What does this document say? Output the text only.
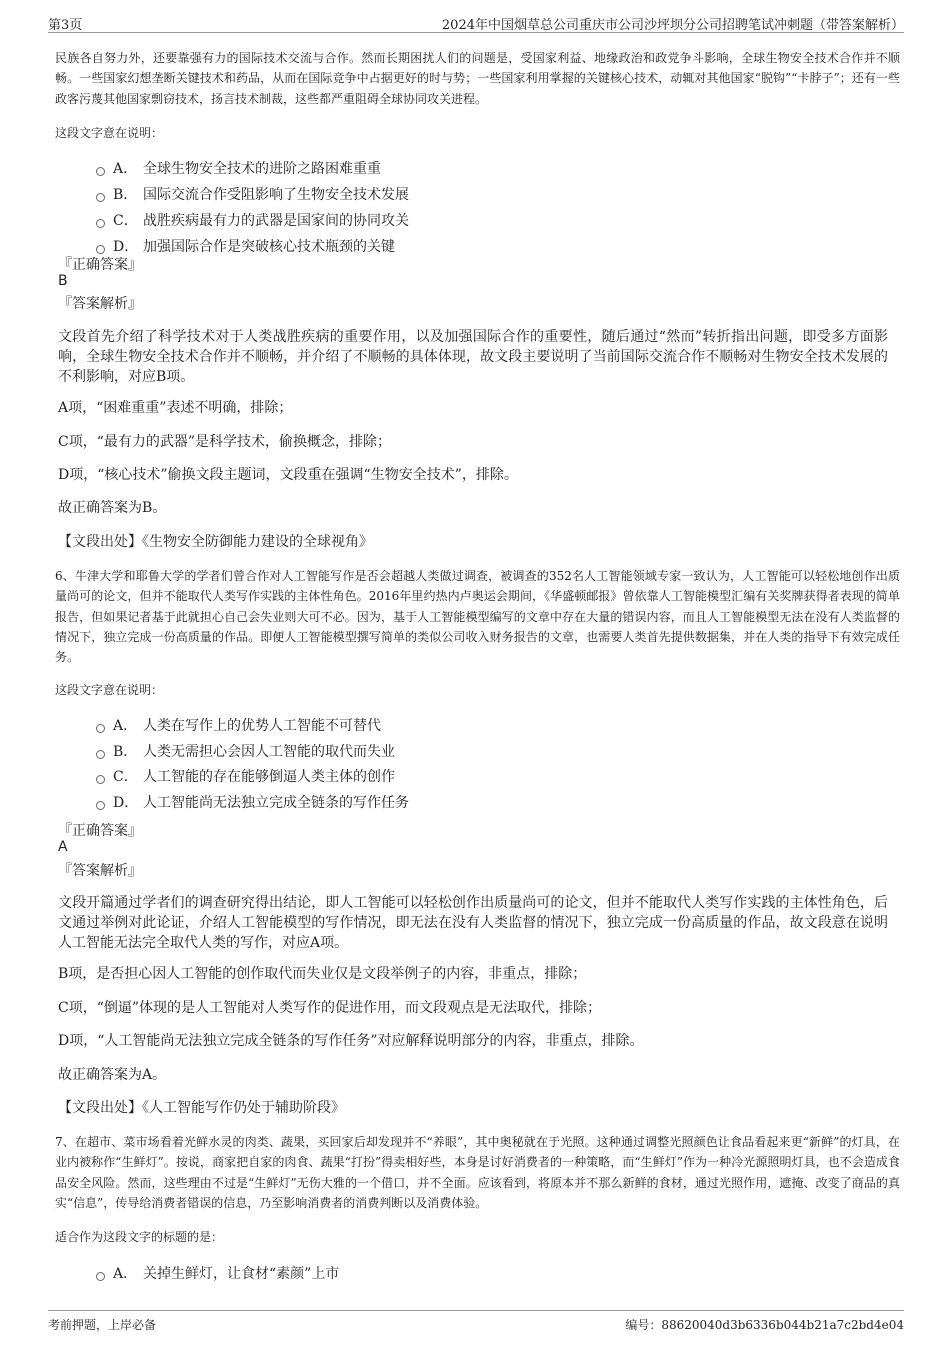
第3页	2024年中国烟草总公司重庆市公司沙坪坝分公司招聘笔试冲刺题（带答案解析）

民族各自努力外，还要靠强有力的国际技术交流与合作。然而长期困扰人们的问题是，受国家利益、地缘政治和政党争斗影响，全球生物安全技术合作并不顺畅。一些国家幻想垄断关键技术和药品，从而在国际竞争中占据更好的时与势；一些国家利用掌握的关键核心技术，动辄对其他国家“脱钩”“卡脖子”；还有一些政客污蔑其他国家剽窃技术，扬言技术制裁，这些都严重阻碍全球协同攻关进程。

这段文字意在说明：

A． 全球生物安全技术的进阶之路困难重重
B． 国际交流合作受阻影响了生物安全技术发展
C． 战胜疾病最有力的武器是国家间的协同攻关
D． 加强国际合作是突破核心技术瓶颈的关键

『正确答案』

B

『答案解析』

文段首先介绍了科学技术对于人类战胜疾病的重要作用，以及加强国际合作的重要性，随后通过“然而”转折指出问题，即受多方面影响，全球生物安全技术合作并不顺畅，并介绍了不顺畅的具体体现，故文段主要说明了当前国际交流合作不顺畅对生物安全技术发展的不利影响，对应B项。

A项，“困难重重”表述不明确，排除；

C项，“最有力的武器”是科学技术，偷换概念，排除；

D项，“核心技术”偷换文段主题词，文段重在强调“生物安全技术”，排除。

故正确答案为B。

【文段出处】《生物安全防御能力建设的全球视角》

6、牛津大学和耶鲁大学的学者们曾合作对人工智能写作是否会超越人类做过调查，被调查的352名人工智能领域专家一致认为，人工智能可以轻松地创作出质量尚可的论文，但并不能取代人类写作实践的主体性角色。2016年里约热内卢奥运会期间，《华盛顿邮报》曾依靠人工智能模型汇编有关奖牌获得者表现的简单报告，但如果记者基于此就担心自己会失业则大可不必。因为，基于人工智能模型编写的文章中存在大量的错误内容，而且人工智能模型无法在没有人类监督的情况下，独立完成一份高质量的作品。即便人工智能模型撰写简单的类似公司收入财务报告的文章，也需要人类首先提供数据集，并在人类的指导下有效完成任务。

这段文字意在说明：

A． 人类在写作上的优势人工智能不可替代
B． 人类无需担心会因人工智能的取代而失业
C． 人工智能的存在能够倒逼人类主体的创作
D． 人工智能尚无法独立完成全链条的写作任务

『正确答案』

A

『答案解析』

文段开篇通过学者们的调查研究得出结论，即人工智能可以轻松创作出质量尚可的论文，但并不能取代人类写作实践的主体性角色，后文通过举例对此论证，介绍人工智能模型的写作情况，即无法在没有人类监督的情况下，独立完成一份高质量的作品，故文段意在说明人工智能无法完全取代人类的写作，对应A项。

B项，是否担心因人工智能的创作取代而失业仅是文段举例子的内容，非重点，排除；

C项，“倒逼”体现的是人工智能对人类写作的促进作用，而文段观点是无法取代，排除；

D项，“人工智能尚无法独立完成全链条的写作任务”对应解释说明部分的内容，非重点，排除。

故正确答案为A。

【文段出处】《人工智能写作仍处于辅助阶段》

7、在超市、菜市场看着光鲜水灵的肉类、蔬果，买回家后却发现并不“养眼”，其中奥秘就在于光照。这种通过调整光照颜色让食品看起来更“新鲜”的灯具，在业内被称作“生鲜灯”。按说，商家把自家的肉食、蔬果“打扮”得卖相好些，本身是讨好消费者的一种策略，而“生鲜灯”作为一种冷光源照明灯具，也不会造成食品安全风险。然而，这些理由不过是“生鲜灯”无伤大雅的一个借口，并不全面。应该看到，将原本并不那么新鲜的食材，通过光照作用，遮掩、改变了商品的真实“信息”，传导给消费者错误的信息，乃至影响消费者的消费判断以及消费体验。

适合作为这段文字的标题的是：

A． 关掉生鲜灯，让食材“素颜”上市
考前押题，上岸必备	编号：88620040d3b6336b044b21a7c2bd4e04
